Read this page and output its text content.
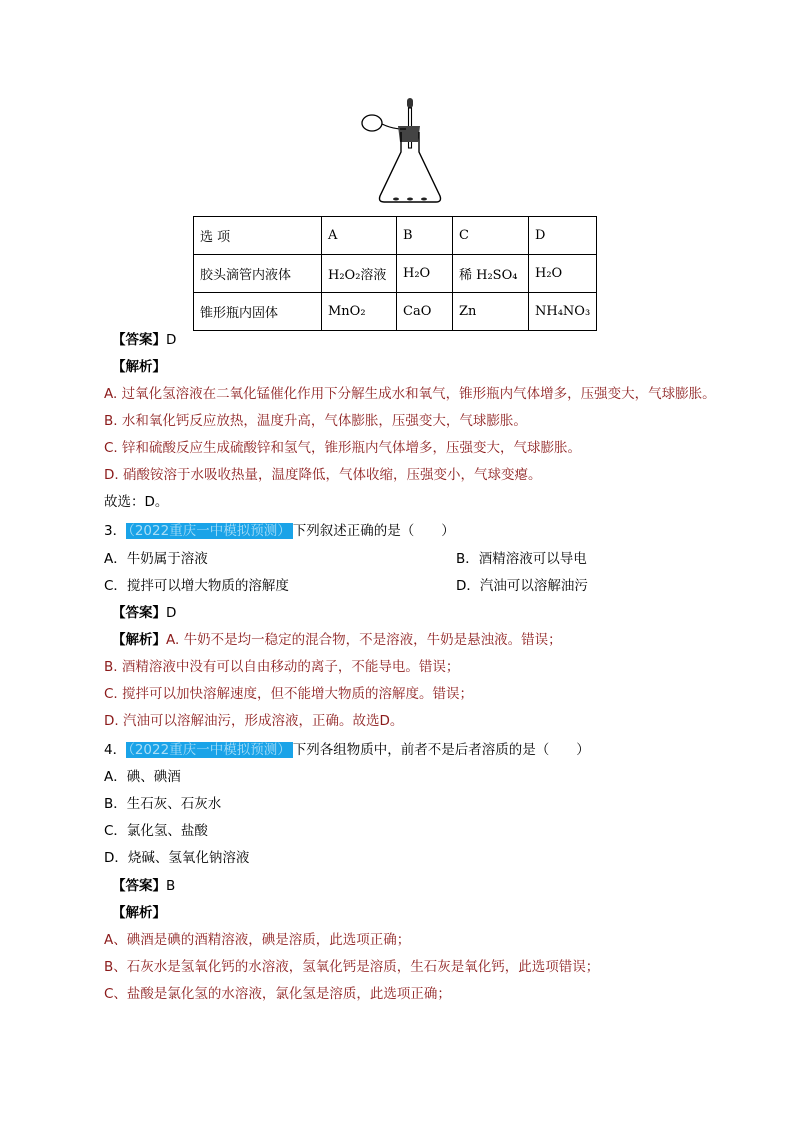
选 项	A	B	C	D
胶头滴管内液体	H₂O₂溶液	H₂O	稀 H₂SO₄	H₂O
锥形瓶内固体	MnO₂	CaO	Zn	NH₄NO₃
【答案】D
【解析】
A. 过氧化氢溶液在二氧化锰催化作用下分解生成水和氧气，锥形瓶内气体增多，压强变大，气球膨胀。
B. 水和氧化钙反应放热，温度升高，气体膨胀，压强变大，气球膨胀。
C. 锌和硫酸反应生成硫酸锌和氢气，锥形瓶内气体增多，压强变大，气球膨胀。
D. 硝酸铵溶于水吸收热量，温度降低，气体收缩，压强变小，气球变瘪。
故选：D。
3． （2022重庆一中模拟预测） 下列叙述正确的是（　　）
A．牛奶属于溶液	B．酒精溶液可以导电
C．搅拌可以增大物质的溶解度	D．汽油可以溶解油污
【答案】D
【解析】A. 牛奶不是均一稳定的混合物，不是溶液，牛奶是悬浊液。错误；
B. 酒精溶液中没有可以自由移动的离子，不能导电。错误；
C. 搅拌可以加快溶解速度，但不能增大物质的溶解度。错误；
D. 汽油可以溶解油污，形成溶液，正确。故选D。
4． （2022重庆一中模拟预测） 下列各组物质中，前者不是后者溶质的是（　　）
A．碘、碘酒
B．生石灰、石灰水
C．氯化氢、盐酸
D．烧碱、氢氧化钠溶液
【答案】B
【解析】
A、碘酒是碘的酒精溶液，碘是溶质，此选项正确；
B、石灰水是氢氧化钙的水溶液，氢氧化钙是溶质，生石灰是氧化钙，此选项错误；
C、盐酸是氯化氢的水溶液，氯化氢是溶质，此选项正确；
